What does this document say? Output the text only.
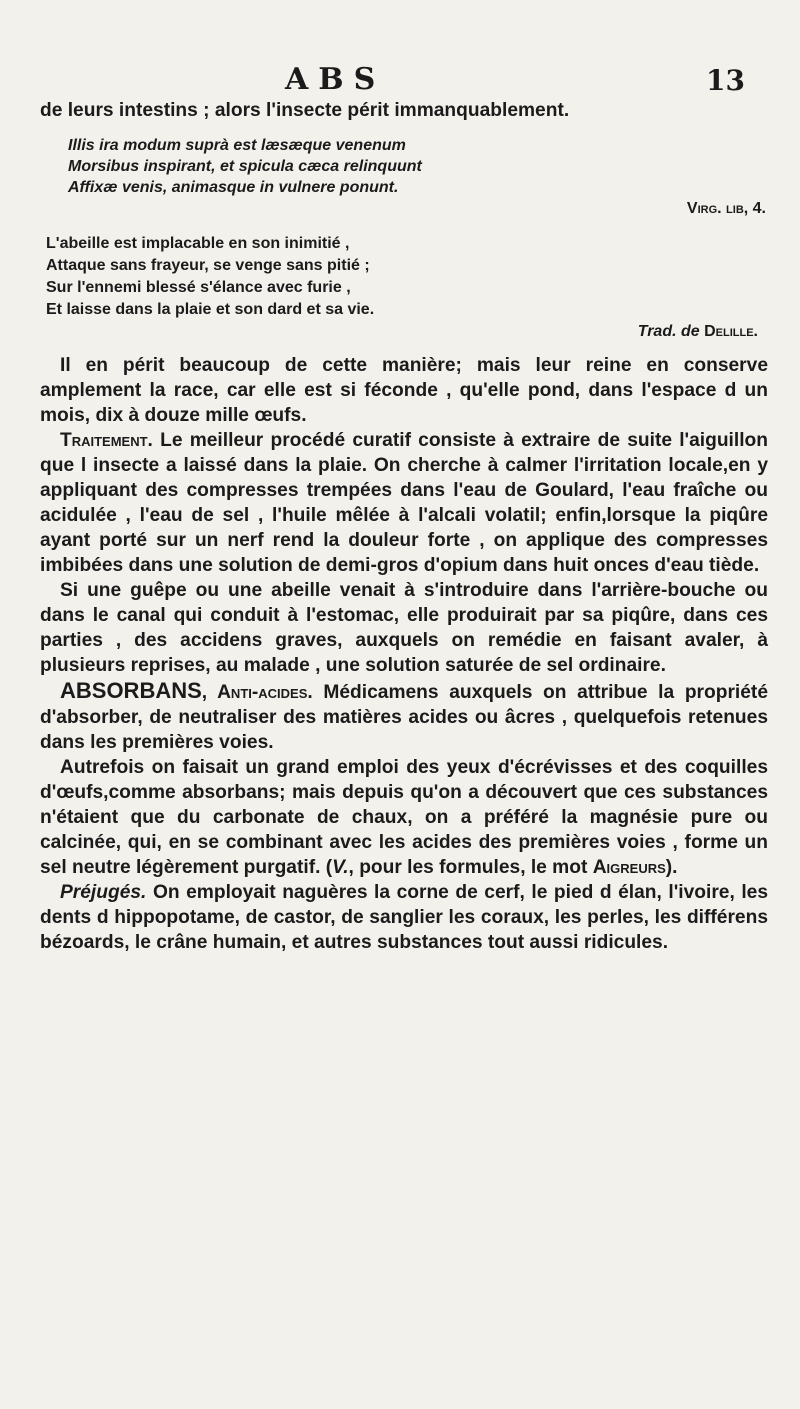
ABS	13

de leurs intestins ; alors l'insecte périt immanquablement.

Illis ira modum suprà est læsæque venenum
Morsibus inspirant, et spicula cæca relinquunt
Affixæ venis, animasque in vulnere ponunt.
Virg. lib, 4.
L'abeille est implacable en son inimitié ,
Attaque sans frayeur, se venge sans pitié ;
Sur l'ennemi blessé s'élance avec furie ,
Et laisse dans la plaie et son dard et sa vie.
Trad. de Delille.

Il en périt beaucoup de cette manière; mais leur reine en conserve amplement la race, car elle est si féconde , qu'elle pond, dans l'espace d un mois, dix à douze mille œufs.

Traitement. Le meilleur procédé curatif consiste à extraire de suite l'aiguillon que l insecte a laissé dans la plaie. On cherche à calmer l'irritation locale,en y appliquant des compresses trempées dans l'eau de Goulard, l'eau fraîche ou acidulée , l'eau de sel , l'huile mêlée à l'alcali volatil; enfin,lorsque la piqûre ayant porté sur un nerf rend la douleur forte , on applique des compresses imbibées dans une solution de demi-gros d'opium dans huit onces d'eau tiède.

Si une guêpe ou une abeille venait à s'introduire dans l'arrière-bouche ou dans le canal qui conduit à l'estomac, elle produirait par sa piqûre, dans ces parties , des accidens graves, auxquels on remédie en faisant avaler, à plusieurs reprises, au malade , une solution saturée de sel ordinaire.

ABSORBANS, Anti-acides. Médicamens auxquels on attribue la propriété d'absorber, de neutraliser des matières acides ou âcres , quelquefois retenues dans les premières voies.

Autrefois on faisait un grand emploi des yeux d'écrévisses et des coquilles d'œufs,comme absorbans; mais depuis qu'on a découvert que ces substances n'étaient que du carbonate de chaux, on a préféré la magnésie pure ou calcinée, qui, en se combinant avec les acides des premières voies , forme un sel neutre légèrement purgatif. (V., pour les formules, le mot Aigreurs).

Préjugés. On employait naguères la corne de cerf, le pied d élan, l'ivoire, les dents d hippopotame, de castor, de sanglier les coraux, les perles, les différens bézoards, le crâne humain, et autres substances tout aussi ridicules.
